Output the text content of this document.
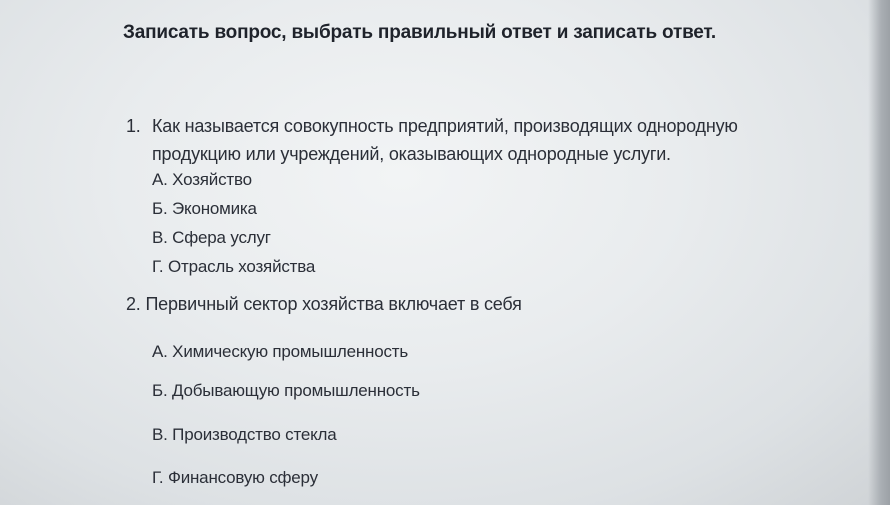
Записать вопрос, выбрать правильный ответ и записать ответ.
1. Как называется совокупность предприятий, производящих однородную
продукцию или учреждений, оказывающих однородные услуги.
А. Хозяйство
Б. Экономика
В. Сфера услуг
Г. Отрасль хозяйства
2. Первичный сектор хозяйства включает в себя
А. Химическую промышленность
Б. Добывающую промышленность
В. Производство стекла
Г. Финансовую сферу
